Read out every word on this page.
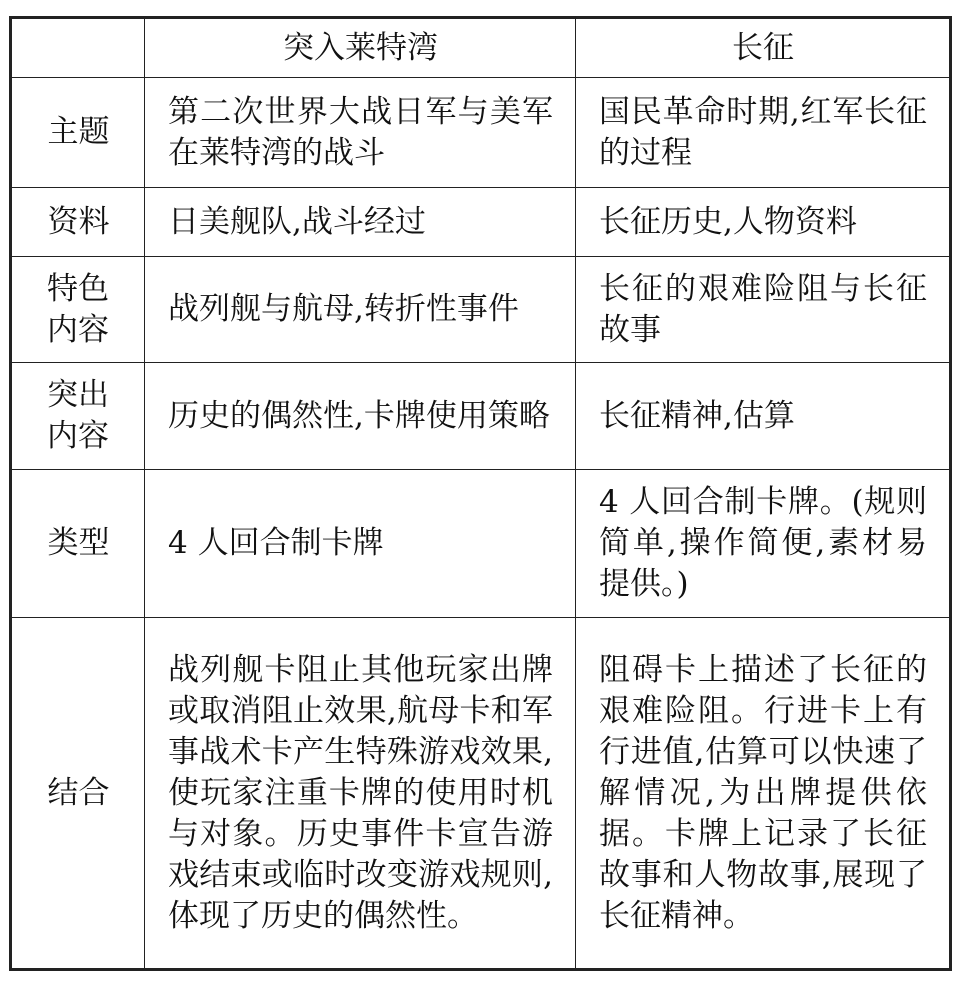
	突入莱特湾	长征

主题	第二次世界大战日军与美军在莱特湾的战斗	国民革命时期,红军长征的过程

资料	日美舰队,战斗经过	长征历史,人物资料

特色内容	战列舰与航母,转折性事件	长征的艰难险阻与长征故事

突出内容	历史的偶然性,卡牌使用策略	长征精神,估算

类型	4 人回合制卡牌	4 人回合制卡牌。(规则简单,操作简便,素材易提供。)

结合	战列舰卡阻止其他玩家出牌或取消阻止效果,航母卡和军事战术卡产生特殊游戏效果,使玩家注重卡牌的使用时机与对象。历史事件卡宣告游戏结束或临时改变游戏规则,体现了历史的偶然性。	阻碍卡上描述了长征的艰难险阻。行进卡上有行进值,估算可以快速了解情况,为出牌提供依据。卡牌上记录了长征故事和人物故事,展现了长征精神。
